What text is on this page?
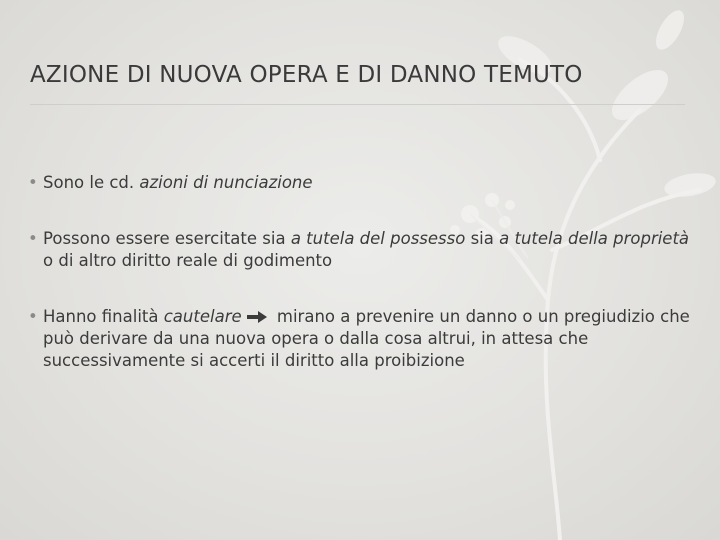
AZIONE DI NUOVA OPERA E DI DANNO TEMUTO
• Sono le cd. azioni di nunciazione
• Possono essere esercitate sia a tutela del possesso sia a tutela della proprietà o di altro diritto reale di godimento
• Hanno finalità cautelare mirano a prevenire un danno o un pregiudizio che può derivare da una nuova opera o dalla cosa altrui, in attesa che successivamente si accerti il diritto alla proibizione
